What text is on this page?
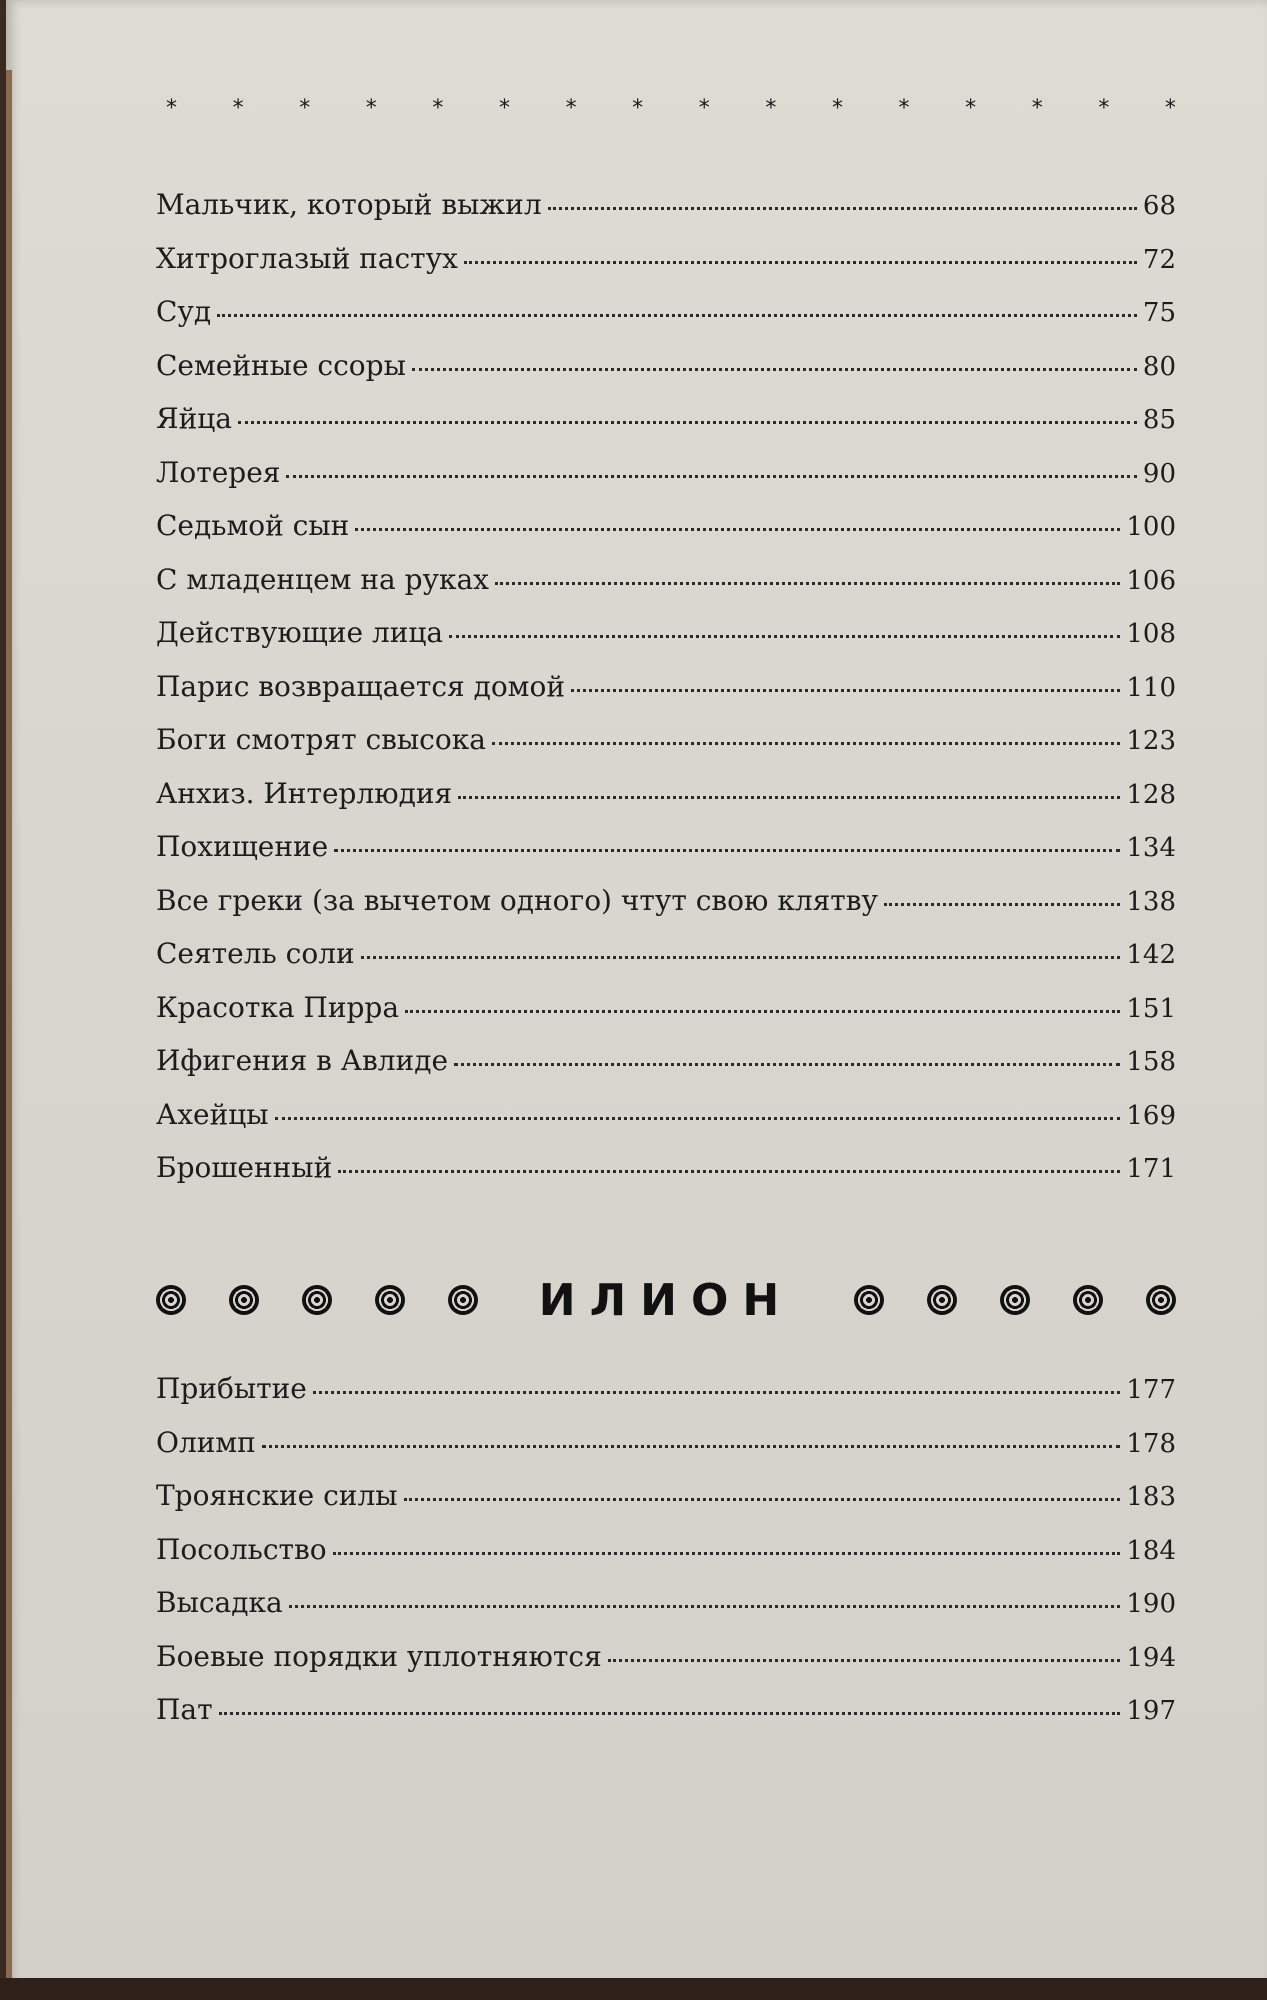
*	*	*	*	*	*	*	*	*	*	*	*	*	*	*	*
Мальчик, который выжил	68
Хитроглазый пастух	72
Суд	75
Семейные ссоры	80
Яйца	85
Лотерея	90
Седьмой сын	100
С младенцем на руках	106
Действующие лица	108
Парис возвращается домой	110
Боги смотрят свысока	123
Анхиз. Интерлюдия	128
Похищение	134
Все греки (за вычетом одного) чтут свою клятву	138
Сеятель соли	142
Красотка Пирра	151
Ифигения в Авлиде	158
Ахейцы	169
Брошенный	171
ИЛИОН
Прибытие	177
Олимп	178
Троянские силы	183
Посольство	184
Высадка	190
Боевые порядки уплотняются	194
Пат	197
